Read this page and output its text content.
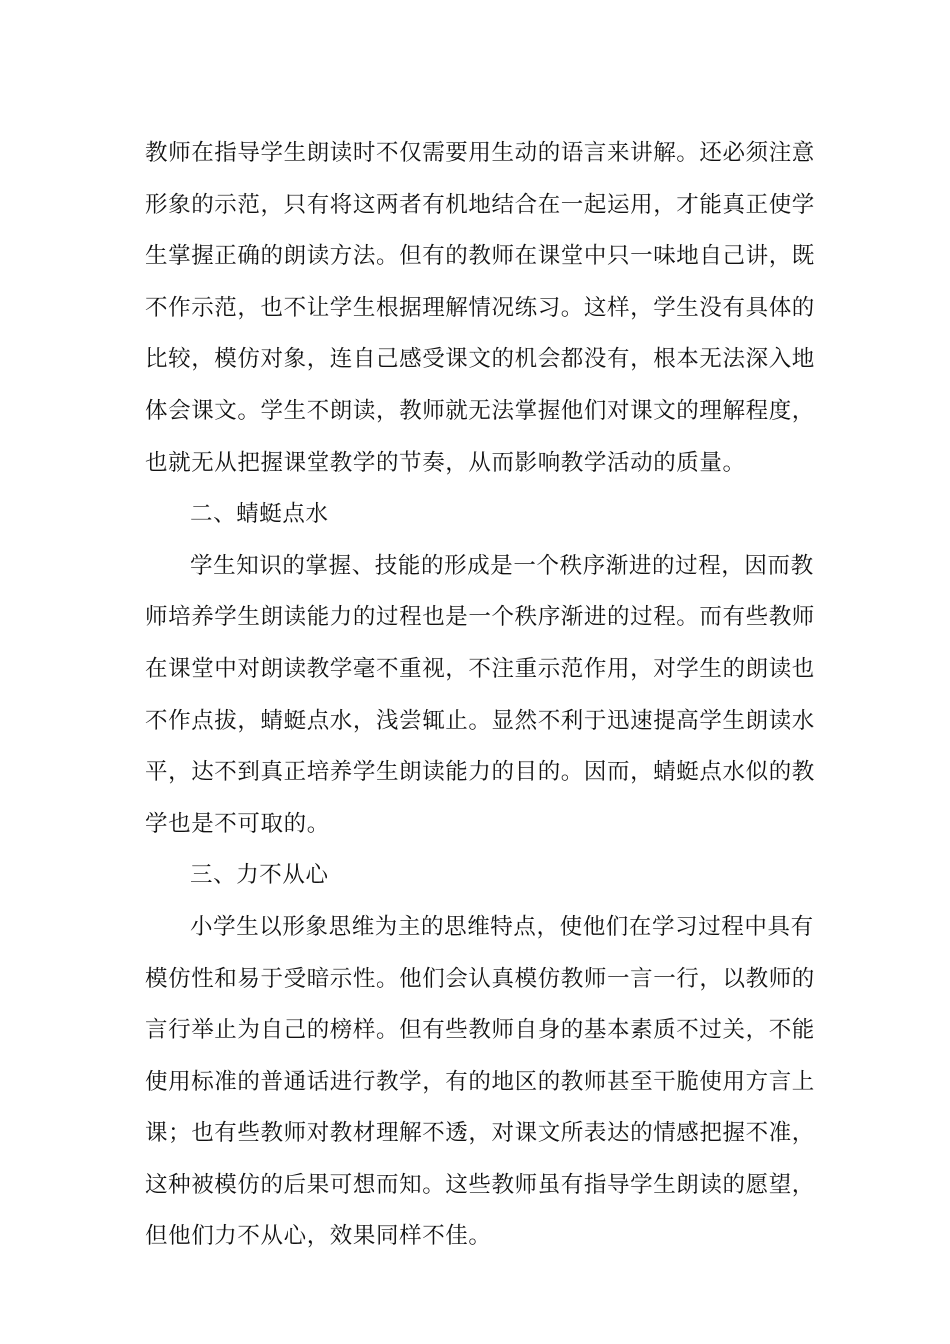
教师在指导学生朗读时不仅需要用生动的语言来讲解。还必须注意
形象的示范，只有将这两者有机地结合在一起运用，才能真正使学
生掌握正确的朗读方法。但有的教师在课堂中只一味地自己讲，既
不作示范，也不让学生根据理解情况练习。这样，学生没有具体的
比较，模仿对象，连自己感受课文的机会都没有，根本无法深入地
体会课文。学生不朗读，教师就无法掌握他们对课文的理解程度，
也就无从把握课堂教学的节奏，从而影响教学活动的质量。
二、蜻蜓点水
学生知识的掌握、技能的形成是一个秩序渐进的过程，因而教
师培养学生朗读能力的过程也是一个秩序渐进的过程。而有些教师
在课堂中对朗读教学毫不重视，不注重示范作用，对学生的朗读也
不作点拔，蜻蜓点水，浅尝辄止。显然不利于迅速提高学生朗读水
平，达不到真正培养学生朗读能力的目的。因而，蜻蜓点水似的教
学也是不可取的。
三、力不从心
小学生以形象思维为主的思维特点，使他们在学习过程中具有
模仿性和易于受暗示性。他们会认真模仿教师一言一行，以教师的
言行举止为自己的榜样。但有些教师自身的基本素质不过关，不能
使用标准的普通话进行教学，有的地区的教师甚至干脆使用方言上
课；也有些教师对教材理解不透，对课文所表达的情感把握不准，
这种被模仿的后果可想而知。这些教师虽有指导学生朗读的愿望，
但他们力不从心，效果同样不佳。
